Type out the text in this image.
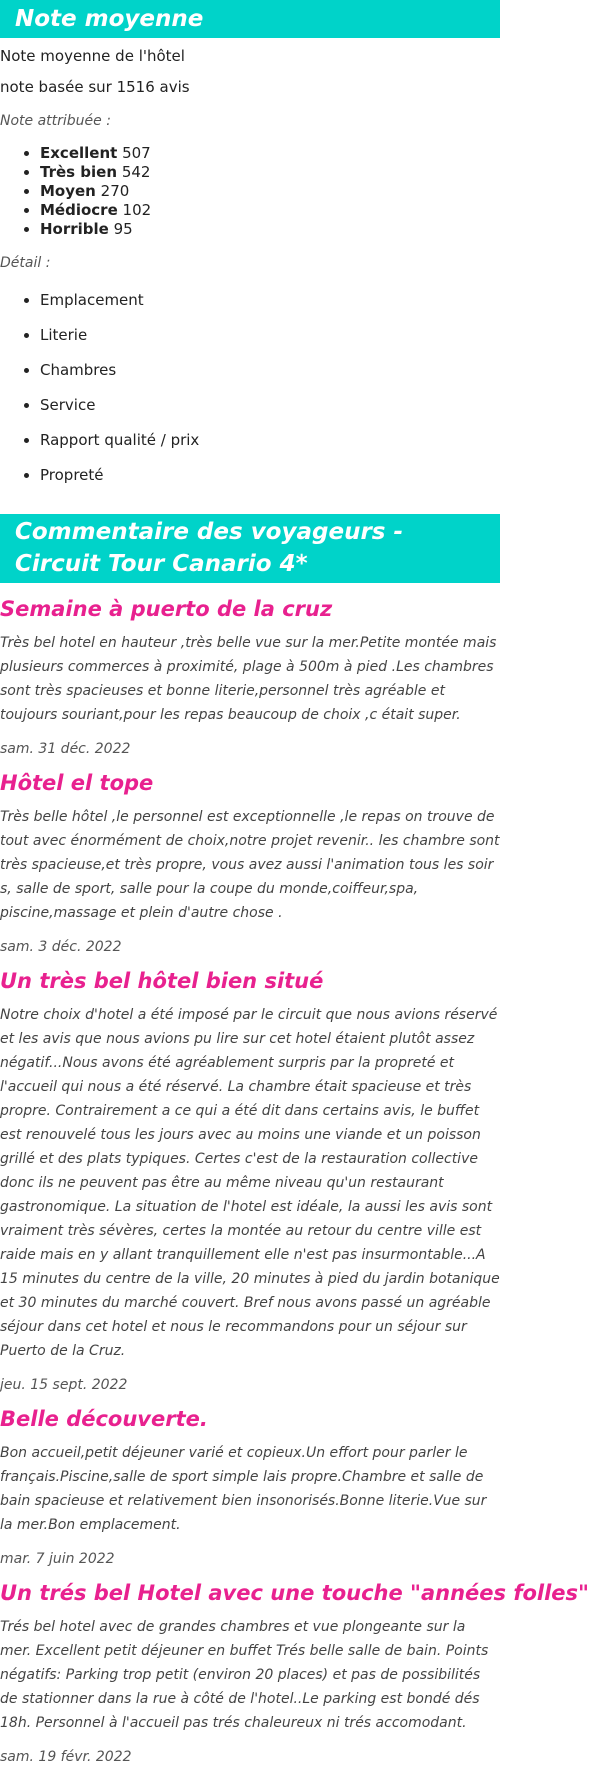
Note moyenne

Note moyenne de l'hôtel

note basée sur 1516 avis

Note attribuée :

• Excellent 507
• Très bien 542
• Moyen 270
• Médiocre 102
• Horrible 95

Détail :

• Emplacement
• Literie
• Chambres
• Service
• Rapport qualité / prix
• Propreté
Commentaire des voyageurs - Circuit Tour Canario 4*
Semaine à puerto de la cruz

Très bel hotel en hauteur ,très belle vue sur la mer.Petite montée mais plusieurs commerces à proximité, plage à 500m à pied .Les chambres sont très spacieuses et bonne literie,personnel très agréable et toujours souriant,pour les repas beaucoup de choix ,c était super.

sam. 31 déc. 2022

Hôtel el tope

Très belle hôtel ,le personnel est exceptionnelle ,le repas on trouve de tout avec énormément de choix,notre projet revenir.. les chambre sont très spacieuse,et très propre, vous avez aussi l'animation tous les soir s, salle de sport, salle pour la coupe du monde,coiffeur,spa, piscine,massage et plein d'autre chose .

sam. 3 déc. 2022

Un très bel hôtel bien situé

Notre choix d'hotel a été imposé par le circuit que nous avions réservé et les avis que nous avions pu lire sur cet hotel étaient plutôt assez négatif...Nous avons été agréablement surpris par la propreté et l'accueil qui nous a été réservé. La chambre était spacieuse et très propre. Contrairement a ce qui a été dit dans certains avis, le buffet est renouvelé tous les jours avec au moins une viande et un poisson grillé et des plats typiques. Certes c'est de la restauration collective donc ils ne peuvent pas être au même niveau qu'un restaurant gastronomique. La situation de l'hotel est idéale, la aussi les avis sont vraiment très sévères, certes la montée au retour du centre ville est raide mais en y allant tranquillement elle n'est pas insurmontable...A 15 minutes du centre de la ville, 20 minutes à pied du jardin botanique et 30 minutes du marché couvert. Bref nous avons passé un agréable séjour dans cet hotel et nous le recommandons pour un séjour sur Puerto de la Cruz.

jeu. 15 sept. 2022

Belle découverte.

Bon accueil,petit déjeuner varié et copieux.Un effort pour parler le français.Piscine,salle de sport simple lais propre.Chambre et salle de bain spacieuse et relativement bien insonorisés.Bonne literie.Vue sur la mer.Bon emplacement.

mar. 7 juin 2022

Un trés bel Hotel avec une touche "années folles"

Trés bel hotel avec de grandes chambres et vue plongeante sur la mer. Excellent petit déjeuner en buffet Trés belle salle de bain. Points négatifs: Parking trop petit (environ 20 places) et pas de possibilités de stationner dans la rue à côté de l'hotel..Le parking est bondé dés 18h. Personnel à l'accueil pas trés chaleureux ni trés accomodant.

sam. 19 févr. 2022
